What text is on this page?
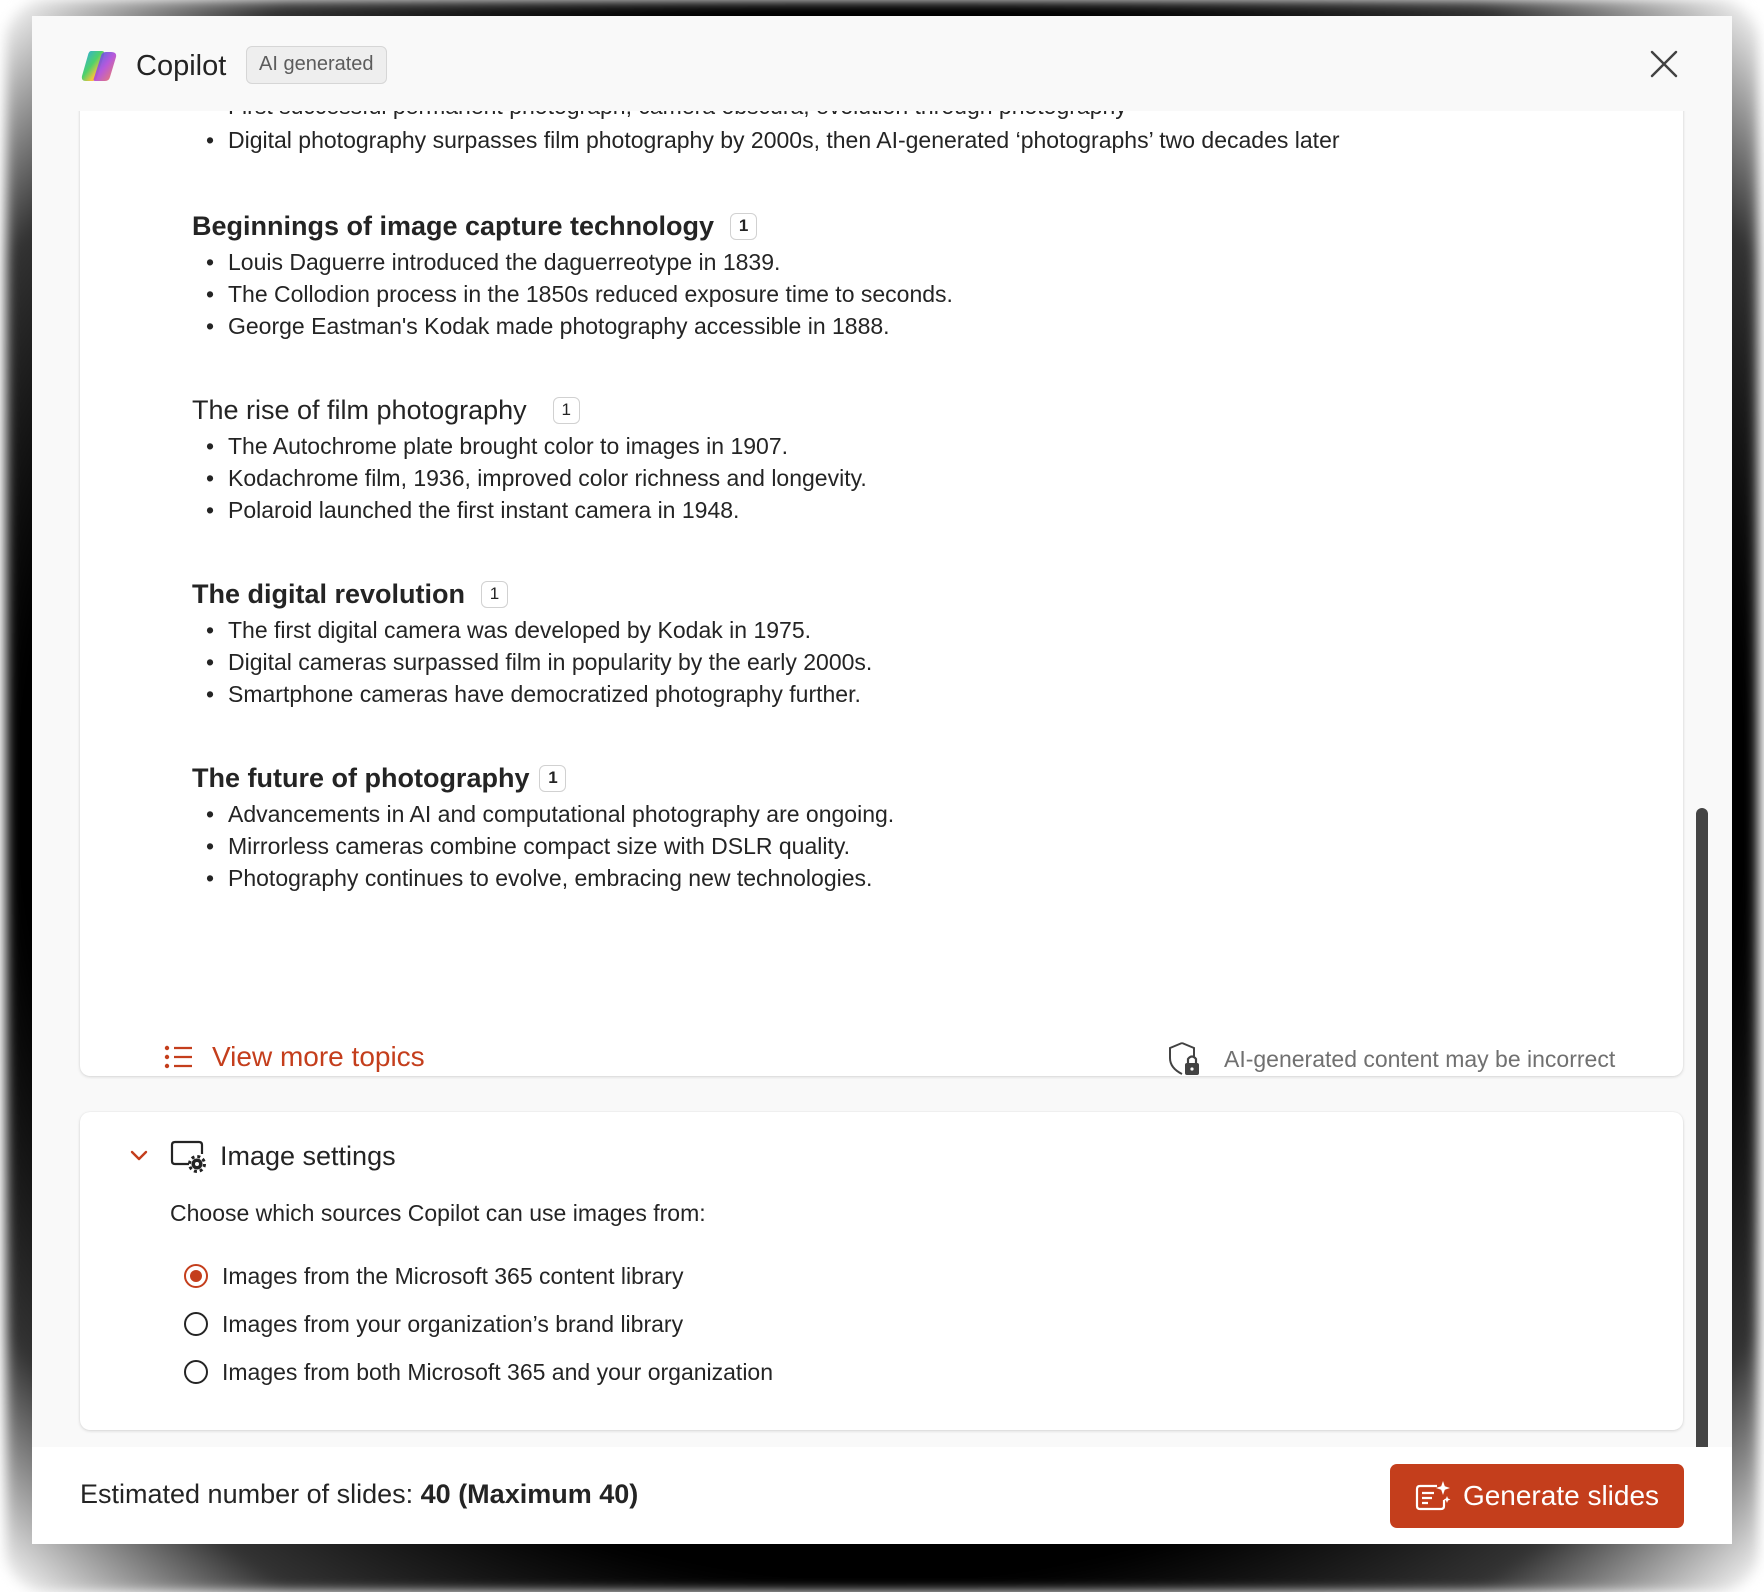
Copilot	AI generated
• Digital photography surpasses film photography by 2000s, then AI-generated ‘photographs’ two decades later
Beginnings of image capture technology	1
• Louis Daguerre introduced the daguerreotype in 1839.
• The Collodion process in the 1850s reduced exposure time to seconds.
• George Eastman's Kodak made photography accessible in 1888.
The rise of film photography	1
• The Autochrome plate brought color to images in 1907.
• Kodachrome film, 1936, improved color richness and longevity.
• Polaroid launched the first instant camera in 1948.
The digital revolution	1
• The first digital camera was developed by Kodak in 1975.
• Digital cameras surpassed film in popularity by the early 2000s.
• Smartphone cameras have democratized photography further.
The future of photography	1
• Advancements in AI and computational photography are ongoing.
• Mirrorless cameras combine compact size with DSLR quality.
• Photography continues to evolve, embracing new technologies.
View more topics	AI-generated content may be incorrect
Image settings
Choose which sources Copilot can use images from:
Images from the Microsoft 365 content library
Images from your organization’s brand library
Images from both Microsoft 365 and your organization
Estimated number of slides: 40 (Maximum 40)	Generate slides
